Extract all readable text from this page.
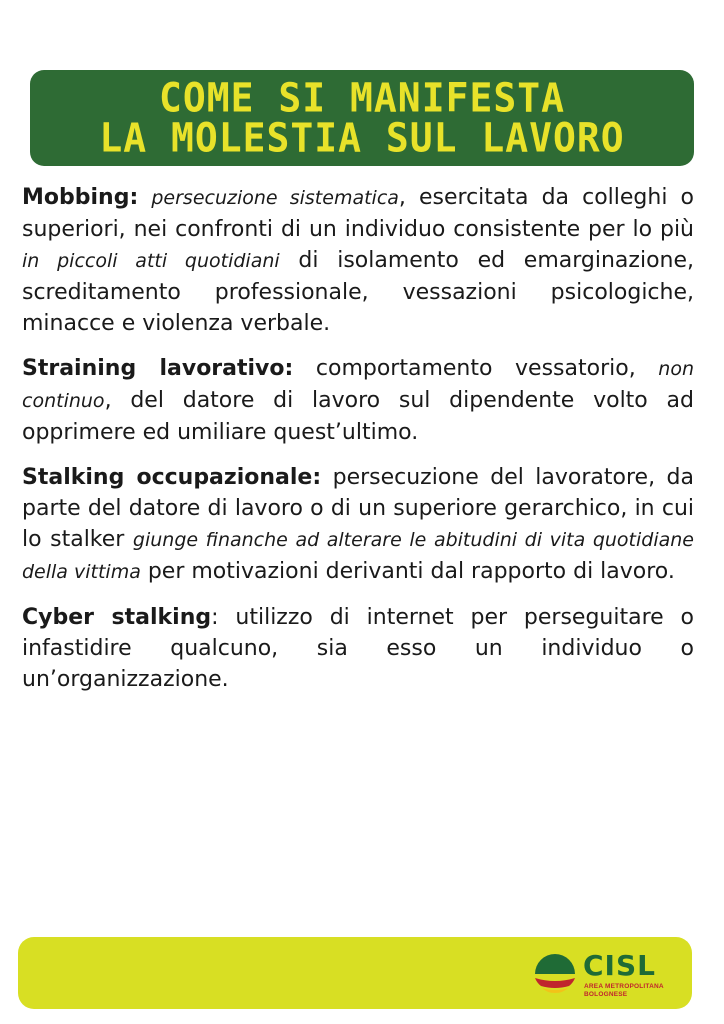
COME SI MANIFESTA
LA MOLESTIA SUL LAVORO

Mobbing: persecuzione sistematica, esercitata da colleghi o superiori, nei confronti di un individuo consistente per lo più in piccoli atti quotidiani di isolamento ed emarginazione, screditamento professionale, vessazioni psicologiche, minacce e violenza verbale.

Straining lavorativo: comportamento vessatorio, non continuo, del datore di lavoro sul dipendente volto ad opprimere ed umiliare quest’ultimo.

Stalking occupazionale: persecuzione del lavoratore, da parte del datore di lavoro o di un superiore gerarchico, in cui lo stalker giunge finanche ad alterare le abitudini di vita quotidiane della vittima per motivazioni derivanti dal rapporto di lavoro.

Cyber stalking: utilizzo di internet per perseguitare o infastidire qualcuno, sia esso un individuo o un’organizzazione.

CISL
AREA METROPOLITANA
BOLOGNESE
